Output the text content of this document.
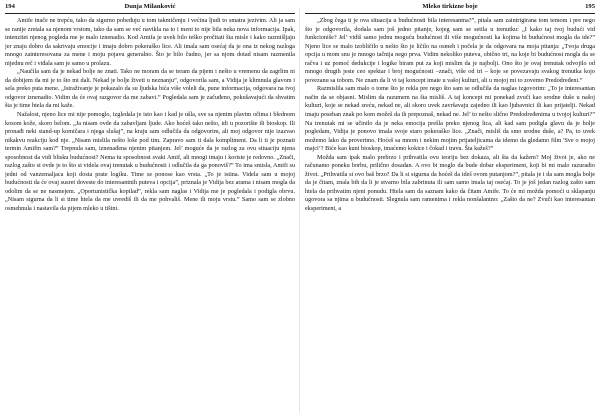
194	Dunja Milanković

Amife inače ne trepću, tako da sigurno pobeđuju u tom takmičenju i većina ljudi to smatra jezivim. Ali ja sam se ranije zretala sa njenom vrstom, tako da sam se već navikla na to i meni to nije bila neka nova informacija. Ipak, intenzitet njenog pogleda me je malo iznenadio. Kod Amifa je uvek bilo teško pročitati šta misle i kako razmišljaju jer znaju dobro da sakrivaju emocije i imaju dobro pokeraško lice. Ali imala sam osećaj da je ona iz nekog razloga mnogo zainteresovana za mene i moju pojavu generalno. Što je bilo čudno, jer sa njom dotad nisam razmenila nijednu reč i viđala sam je samo u prolazu.

„Naučila sam da je nekad bolje ne znati. Tako ne moram da se teram da pijem i nešto u vremenu da zagrlim ni da dobijem da mi je to što mi dali. Nekad je bolje živeti u neznanju”, odgovorila sam, a Vidija je klimnula glavom i sela preko puta mene. „Istraživanje je pokazalo da su ljudska bića više voleli da, pune informacija, odgovara na tvoj odgovor iznenadio. Vidim da će ovaj razgovor da me zabavi.” Pogledala sam je začuđeno, pokušavajući da shvatim šta je time htela da mi kaže.

Nažalost, njeno lice mi nije pomoglo, izgledala je isto kao i kad je ušla, sve sa njenim plavim očima i blednom kosom kože, skoro belom. „Ja nisam ovde da zabavljam ljude. Ako hoćeš tako nešto, idi u pozorište ili bioskop. Ili pronađi neki stand-up komičara i njega slušaj”, na kraju sam odlučila da odgovorim, ali moj odgovor nije izazvao nikakvu reakciju kod nje. „Nisam mislila nešto loše pod tim. Zapravo sam ti dala kompliment. Da li ti je poznati termin Amifin sam?” Trepnula sam, iznenađena njenim pitanjem. Jel’ moguće da je razlog za ovu situaciju njena sposobnost da vidi blisku budućnost? Nema tu sposobnost svaki Amif, ali mnogi imaju i koriste je redovno. „Znači, razlog zašto si ovde je to što si videla ovaj trenutak u budućnosti i odlučila da ga ponoviš?” To ima smisla, Amifi su jedni od vanzemaljaca koji dosta prate logiku. Time se ponose kao vrsta. „To je istina. Videla sam u mojoj budućnosti da će ovaj susret doveste do interesantnih puteva i opcija”, priznala je Vidija bez arama i nisam mogla da odolim da se ne nasmejem. „Oportunistička kopilad”, rekla sam naglas i Vidija me je pogledala i podigla obrvu. „Nisam sigurna da li si time htela da me uvrediš ili da me pohvališ. Mene ili moju vrstu.” Samo sam se zlobno osmehnula i nastavila da pijem mleko u tišini.

Mleko tirkizne boje	195

„Zbog čega ti je ova situacija u budućnosti bila interesantna?”, pitala sam zaintrigirana tom temom i pre nego što je odgovorila, dodala sam još jedno pitanje, kojeg sam se setila u trenutku: „I kako taj tvoj budući vid funkcioniše? Jel’ vidiš samo jednu moguću budućnost ili više mogućnosti ka kojima bi budućnost mogla da ide?” Njeno lice se malo izobličilo u nešto što je ličilo na osmeh i počela je da odgovara na moja pitanja: „Tvoja druga opcija u mom snu je mnogo tačnija nego prva. Vidim nekoliko puteva, obično tri, na koje bi budućnost mogla da se račva i uz pomoć dedukcije i logike biram put za koji mislim da je najbolji. Ono što je ovaj trenutak odvojilo od mnogo drugih jeste ceo spektar i broj mogućnosti –znači, više od tri – koje se povezavaju svakog trenutka kojo povezanu sa tobom. Ne znam da li vi taj koncept imate u vašoj kulturi, ali u mojoj mi to zovemo Predodređeni.”

Razmislila sam malo o tome što je rekla pre nego što sam se odlučila da naglas izgovorim: „To je interesantan način da se objasni. Mislim da razumem na šta misliš. A taj koncept mi ponekad zvuči kao srodne duše u našoj kulturi, koje se nekad sreću, nekad ne, ali skoro uvek završavaju zajedno ili kao ljubavnici ili kao prijatelji. Nekad imaju poseban znak po kom možeš da ih prepoznaš, nekad ne. Jel’ to nešto slično Predodređenima u tvojoj kulturi?” Na trenutak mi se učinilo da je neka emocija prešla preko njenog lica, ali kad sam podigla glavu da je bolje pogledam, Vidija je ponovo imala svoje staro pokeraško lice. „Znači, misliš da smo srodne duše, a? Pa, to uvek možemo lako da proverimo. Hoćeš sa mnom i nekim mojim prijateljicama da idemo da gledamo film 'Sve o mojoj majci’? Biće kao kuni bioskop, imaćemo kokice i čokad i travu. Šta kažeš?”

Možda sam ipak malo prebrzo i prihvatila ovu teoriju bez dokaza, ali šta da kažem? Moj život je, ako ne računamo poneku borbu, prilično dosadan. A ovo bi moglo da bude dobar eksperiment, koji bi mi malo razuradio život. „Prihvatila si ovo baš brzo? Da li si sigurna da hoćeš da ideš ovom putanjom?”, pitala je i da sam mogla bolje da je čitam, znala bih da li je stvarno bila zabrinuta ili sam samo imala taj osećaj. To je još jedan razlog zašto sam htela da prihvatim njeni ponudu. Htela sam da saznam kako da čitam Amife. To će mi možda pomoći u sklapanju ugovora sa njima u budućnosti. Slegnula sam ramenima i rekla nonšalantno: „Zašto da ne? Zvuči kao interesantan eksperiment, a
